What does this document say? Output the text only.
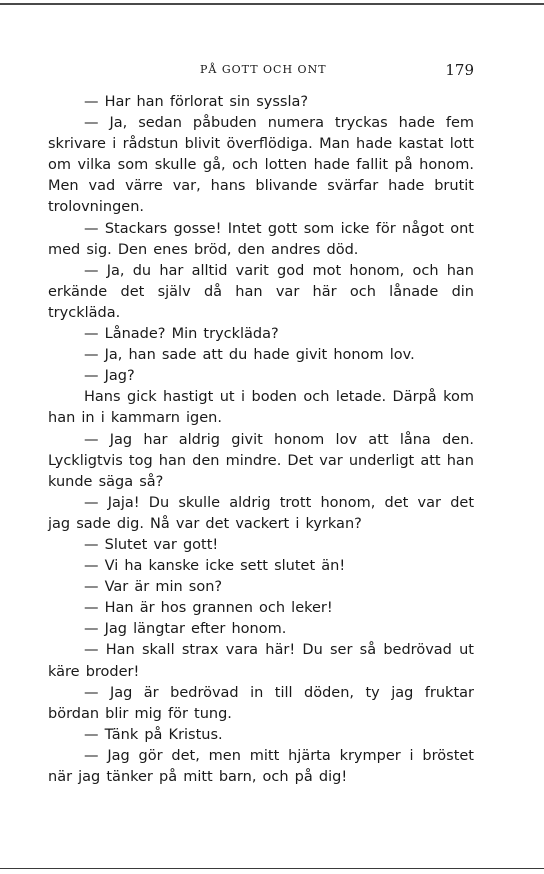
PÅ GOTT OCH ONT	179

— Har han förlorat sin syssla?

— Ja, sedan påbuden numera tryckas hade fem skrivare i rådstun blivit överflödiga. Man hade kastat lott om vilka som skulle gå, och lotten hade fallit på honom. Men vad värre var, hans blivande svärfar hade brutit trolovningen.

— Stackars gosse! Intet gott som icke för något ont med sig. Den enes bröd, den andres död.

— Ja, du har alltid varit god mot honom, och han erkände det själv då han var här och lånade din tryckläda.

— Lånade? Min tryckläda?

— Ja, han sade att du hade givit honom lov.

— Jag?

Hans gick hastigt ut i boden och letade. Därpå kom han in i kammarn igen.

— Jag har aldrig givit honom lov att låna den. Lyckligtvis tog han den mindre. Det var underligt att han kunde säga så?

— Jaja! Du skulle aldrig trott honom, det var det jag sade dig. Nå var det vackert i kyrkan?

— Slutet var gott!

— Vi ha kanske icke sett slutet än!

— Var är min son?

— Han är hos grannen och leker!

— Jag längtar efter honom.

— Han skall strax vara här! Du ser så bedrövad ut käre broder!

— Jag är bedrövad in till döden, ty jag fruktar bördan blir mig för tung.

— Tänk på Kristus.

— Jag gör det, men mitt hjärta krymper i bröstet när jag tänker på mitt barn, och på dig!
